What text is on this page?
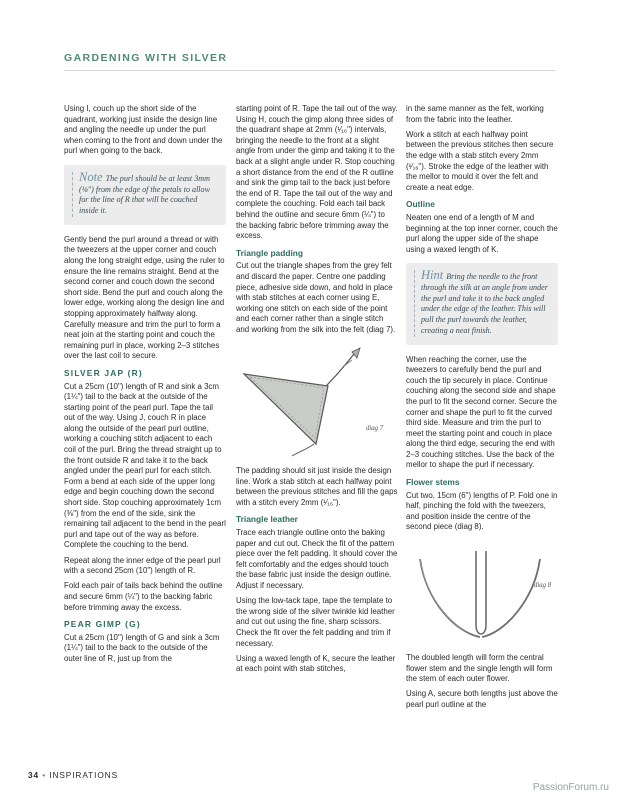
GARDENING WITH SILVER

Using I, couch up the short side of the quadrant, working just inside the design line and angling the needle up under the purl when coming to the front and down under the purl when going to the back.

Note The purl should be at least 3mm (⅛") from the edge of the petals to allow for the line of R that will be couched inside it.

Gently bend the purl around a thread or with the tweezers at the upper corner and couch along the long straight edge, using the ruler to ensure the line remains straight. Bend at the second corner and couch down the second short side. Bend the purl and couch along the lower edge, working along the design line and stopping approximately halfway along. Carefully measure and trim the purl to form a neat join at the starting point and couch the remaining purl in place, working 2–3 stitches over the last coil to secure.

SILVER JAP (R)

Cut a 25cm (10") length of R and sink a 3cm (1¼") tail to the back at the outside of the starting point of the pearl purl. Tape the tail out of the way. Using J, couch R in place along the outside of the pearl purl outline, working a couching stitch adjacent to each coil of the purl. Bring the thread straight up to the front outside R and take it to the back angled under the pearl purl for each stitch. Form a bend at each side of the upper long edge and begin couching down the second short side. Stop couching approximately 1cm (⅜") from the end of the side, sink the remaining tail adjacent to the bend in the pearl purl and tape out of the way as before. Complete the couching to the bend.

Repeat along the inner edge of the pearl purl with a second 25cm (10") length of R.

Fold each pair of tails back behind the outline and secure 6mm (¼") to the backing fabric before trimming away the excess.

PEAR GIMP (G)

Cut a 25cm (10") length of G and sink a 3cm (1¼") tail to the back to the outside of the outer line of R, just up from the

starting point of R. Tape the tail out of the way. Using H, couch the gimp along three sides of the quadrant shape at 2mm (¹⁄₁₆") intervals, bringing the needle to the front at a slight angle from under the gimp and taking it to the back at a slight angle under R. Stop couching a short distance from the end of the R outline and sink the gimp tail to the back just before the end of R. Tape the tail out of the way and complete the couching. Fold each tail back behind the outline and secure 6mm (¼") to the backing fabric before trimming away the excess.

Triangle padding

Cut out the triangle shapes from the grey felt and discard the paper. Centre one padding piece, adhesive side down, and hold in place with stab stitches at each corner using E, working one stitch on each side of the point and each corner rather than a single stitch and working from the silk into the felt (diag 7).

diag 7

The padding should sit just inside the design line. Work a stab stitch at each halfway point between the previous stitches and fill the gaps with a stitch every 2mm (¹⁄₁₆").

Triangle leather

Trace each triangle outline onto the baking paper and cut out. Check the fit of the pattern piece over the felt padding. It should cover the felt comfortably and the edges should touch the base fabric just inside the design outline. Adjust if necessary.

Using the low-tack tape, tape the template to the wrong side of the silver twinkle kid leather and cut out using the fine, sharp scissors. Check the fit over the felt padding and trim if necessary.

Using a waxed length of K, secure the leather at each point with stab stitches,

in the same manner as the felt, working from the fabric into the leather.

Work a stitch at each halfway point between the previous stitches then secure the edge with a stab stitch every 2mm (¹⁄₁₆"). Stroke the edge of the leather with the mellor to mould it over the felt and create a neat edge.

Outline

Neaten one end of a length of M and beginning at the top inner corner, couch the purl along the upper side of the shape using a waxed length of K.

Hint Bring the needle to the front through the silk at an angle from under the purl and take it to the back angled under the edge of the leather. This will pull the purl towards the leather, creating a neat finish.

When reaching the corner, use the tweezers to carefully bend the purl and couch the tip securely in place. Continue couching along the second side and shape the purl to fit the second corner. Secure the corner and shape the purl to fit the curved third side. Measure and trim the purl to meet the starting point and couch in place along the third edge, securing the end with 2–3 couching stitches. Use the back of the mellor to shape the purl if necessary.

Flower stems

Cut two, 15cm (6") lengths of P. Fold one in half, pinching the fold with the tweezers, and position inside the centre of the second piece (diag 8).

diag 8

The doubled length will form the central flower stem and the single length will form the stem of each outer flower.

Using A, secure both lengths just above the pearl purl outline at the

34 • INSPIRATIONS
PassionForum.ru
